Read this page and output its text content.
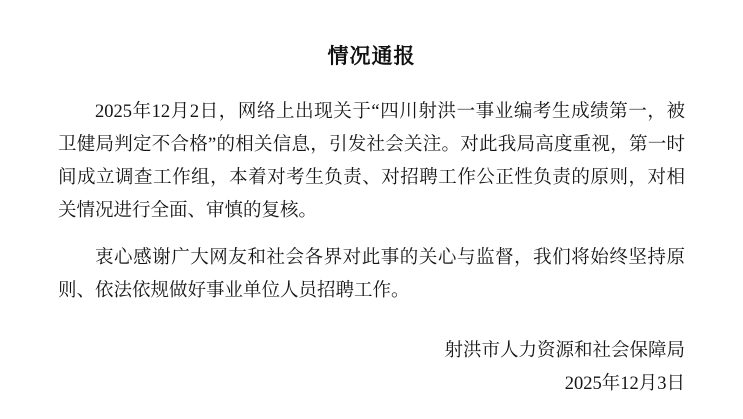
情况通报

2025年12月2日，网络上出现关于“四川射洪一事业编考生成绩第一，被卫健局判定不合格”的相关信息，引发社会关注。对此我局高度重视，第一时间成立调查工作组，本着对考生负责、对招聘工作公正性负责的原则，对相关情况进行全面、审慎的复核。

衷心感谢广大网友和社会各界对此事的关心与监督，我们将始终坚持原则、依法依规做好事业单位人员招聘工作。

射洪市人力资源和社会保障局
2025年12月3日
